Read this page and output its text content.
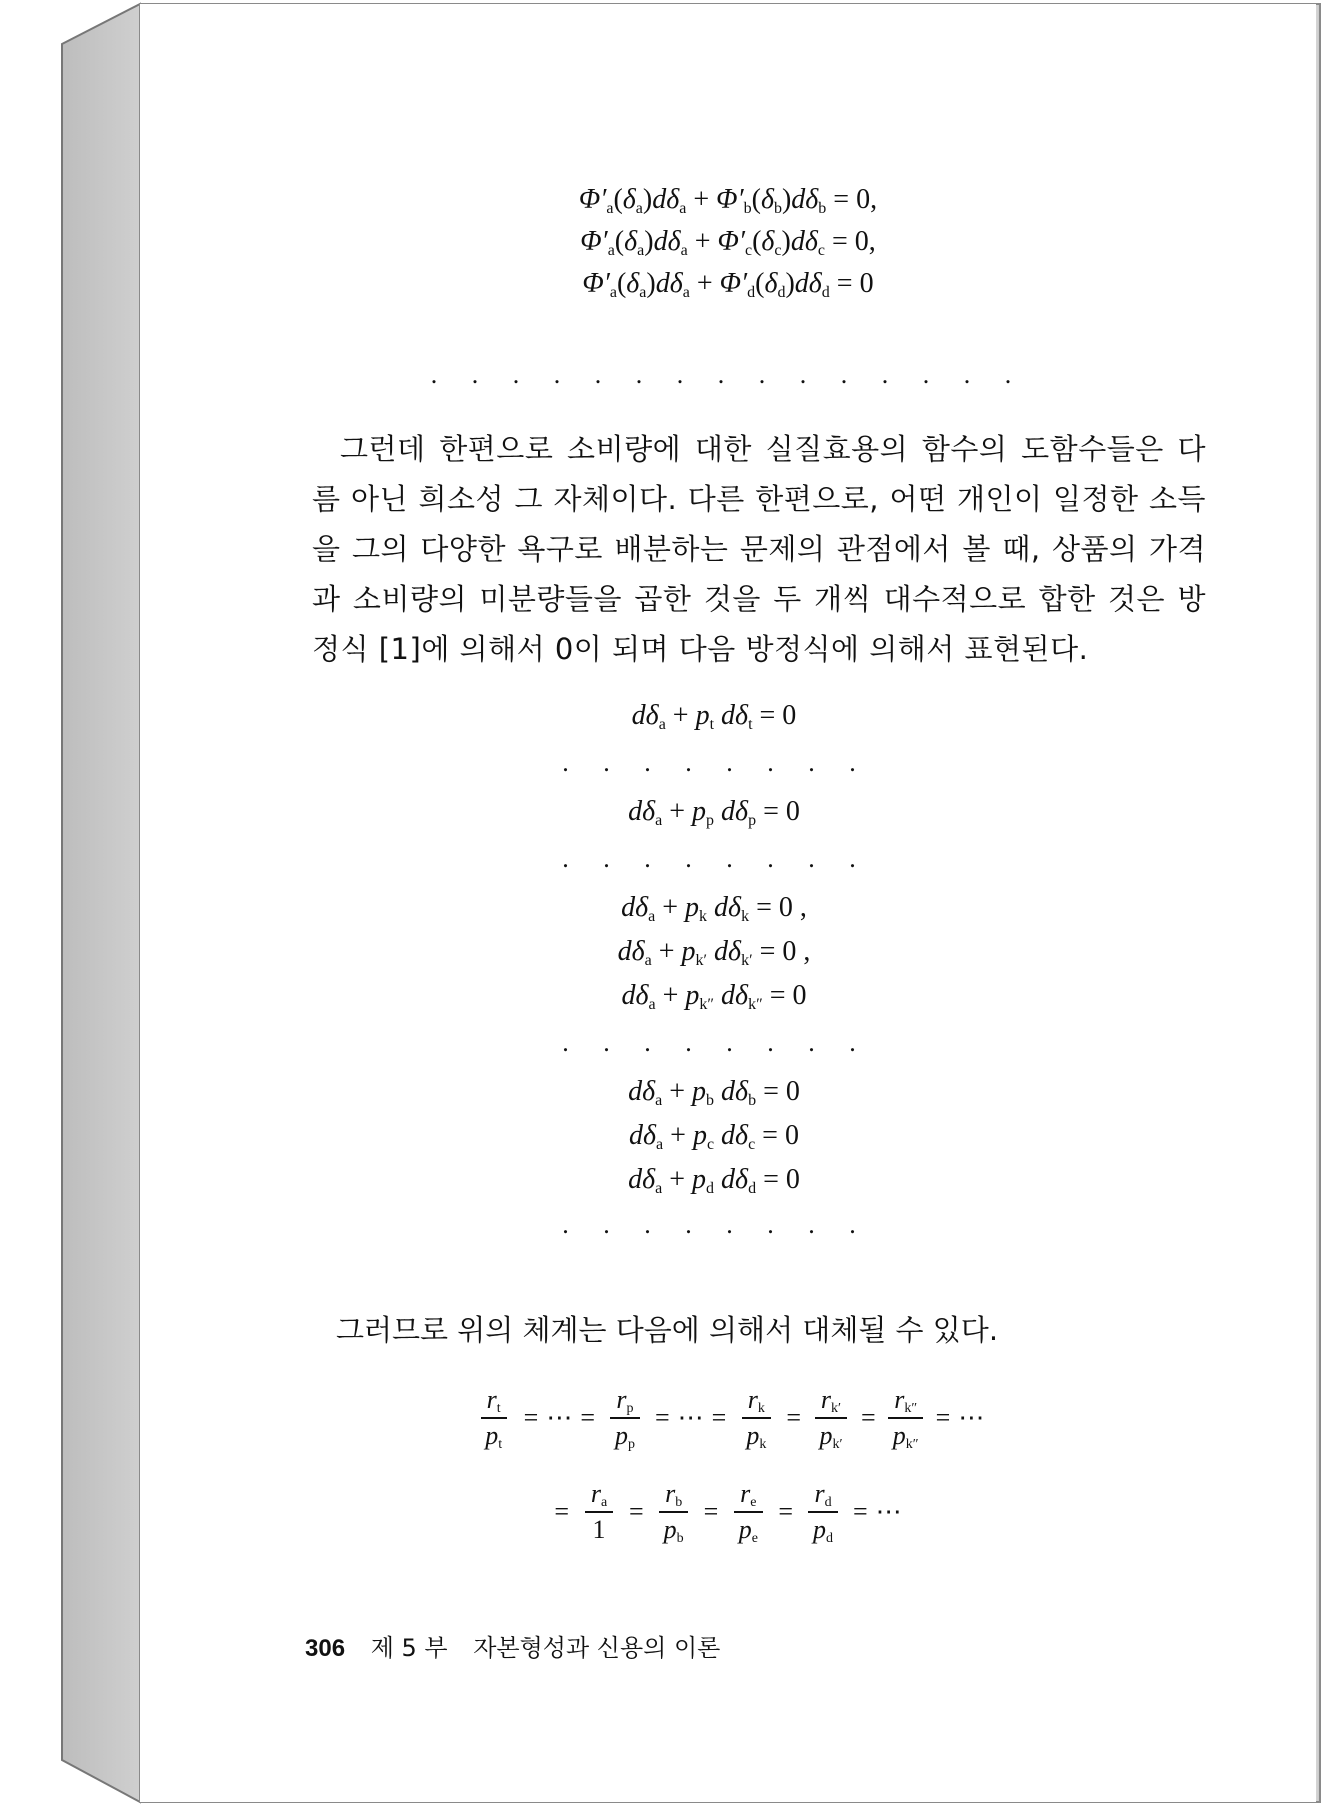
$\Phi'_a(\delta_a)d\delta_a + \Phi'_b(\delta_b)d\delta_b = 0$,
$\Phi'_a(\delta_a)d\delta_a + \Phi'_c(\delta_c)d\delta_c = 0$,
$\Phi'_a(\delta_a)d\delta_a + \Phi'_d(\delta_d)d\delta_d = 0$
. . . . . . . . . . . . . . .
그런데 한편으로 소비량에 대한 실질효용의 함수의 도함수들은 다름 아닌 희소성 그 자체이다. 다른 한편으로, 어떤 개인이 일정한 소득을 그의 다양한 욕구로 배분하는 문제의 관점에서 볼 때, 상품의 가격과 소비량의 미분량들을 곱한 것을 두 개씩 대수적으로 합한 것은 방정식 [1]에 의해서 0이 되며 다음 방정식에 의해서 표현된다.
$d\delta_a + p_t$ $d\delta_t = 0$
. . . . . . . .
$d\delta_a + p_p$ $d\delta_p = 0$
. . . . . . . .
$d\delta_a + p_k$ $d\delta_k = 0$ ,
$d\delta_a + p_{k'}$ $d\delta_{k'} = 0$ ,
$d\delta_a + p_{k''}$ $d\delta_{k''} = 0$
. . . . . . . .
$d\delta_a + p_b$ $d\delta_b = 0$
$d\delta_a + p_c$ $d\delta_c = 0$
$d\delta_a + p_d$ $d\delta_d = 0$
. . . . . . . .
그러므로 위의 체계는 다음에 의해서 대체될 수 있다.
$\frac{r_t}{p_t}$ = ⋯ = $\frac{r_p}{p_p}$ = ⋯ = $\frac{r_k}{p_k} = \frac{r_{k'}}{p_{k'}} = \frac{r_{k''}}{p_{k''}}$ = ⋯
= $\frac{r_a}{1} = \frac{r_b}{p_b} = \frac{r_e}{p_e} = \frac{r_d}{p_d}$ = ⋯
306 제 5 부 자본형성과 신용의 이론
